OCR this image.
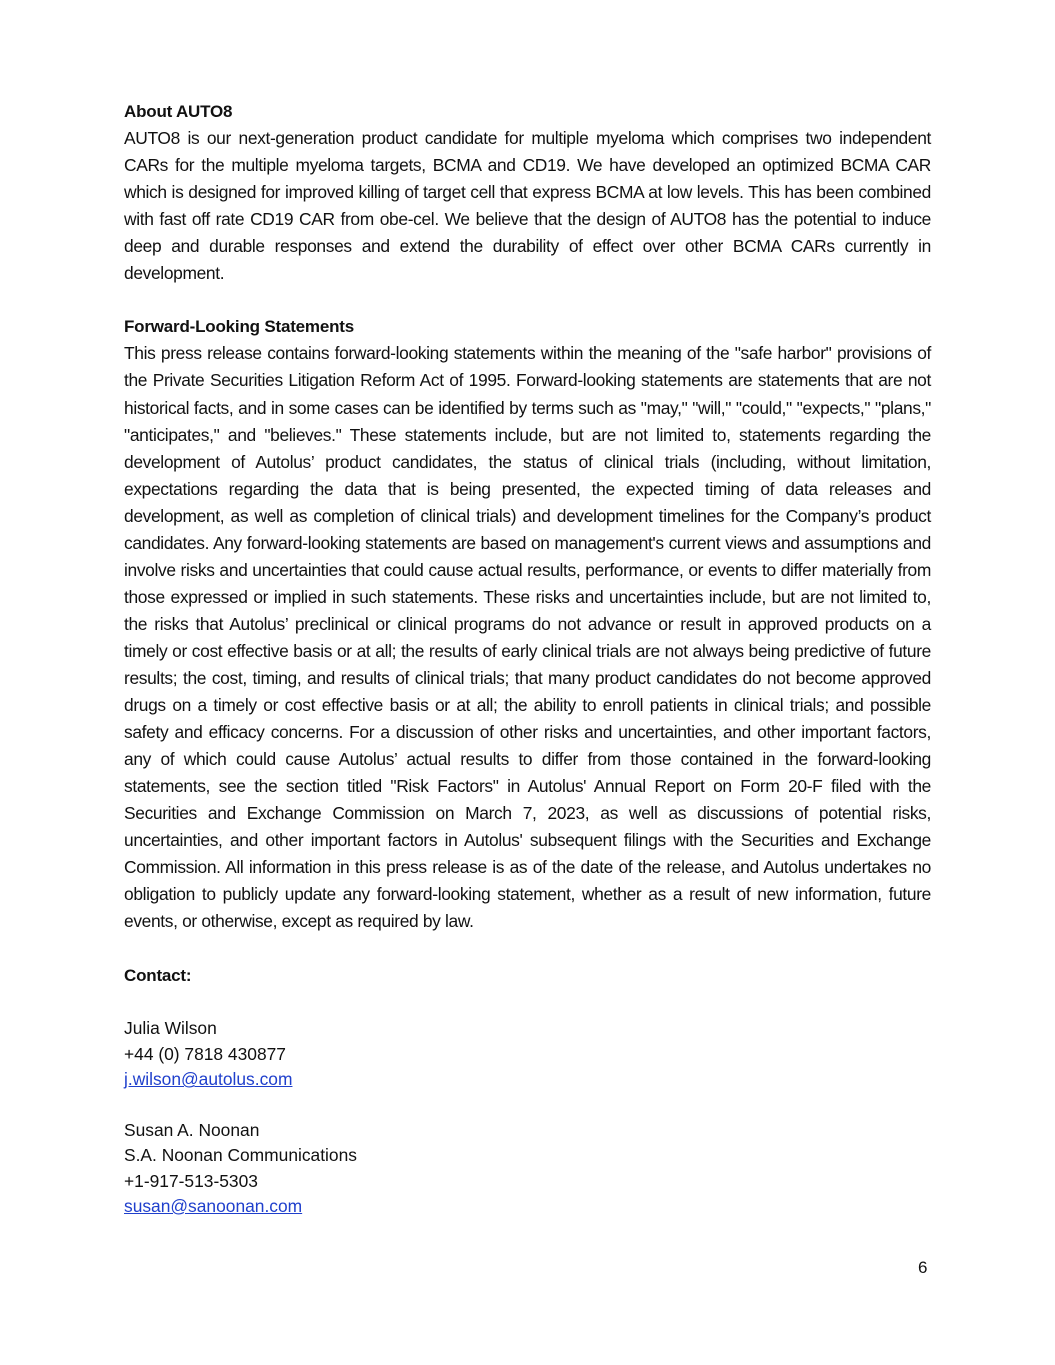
About AUTO8

AUTO8 is our next-generation product candidate for multiple myeloma which comprises two independent CARs for the multiple myeloma targets, BCMA and CD19. We have developed an optimized BCMA CAR which is designed for improved killing of target cell that express BCMA at low levels. This has been combined with fast off rate CD19 CAR from obe-cel. We believe that the design of AUTO8 has the potential to induce deep and durable responses and extend the durability of effect over other BCMA CARs currently in development.

Forward-Looking Statements

This press release contains forward-looking statements within the meaning of the "safe harbor" provisions of the Private Securities Litigation Reform Act of 1995. Forward-looking statements are statements that are not historical facts, and in some cases can be identified by terms such as "may," "will," "could," "expects," "plans," "anticipates," and "believes." These statements include, but are not limited to, statements regarding the development of Autolus’ product candidates, the status of clinical trials (including, without limitation, expectations regarding the data that is being presented, the expected timing of data releases and development, as well as completion of clinical trials) and development timelines for the Company’s product candidates. Any forward-looking statements are based on management's current views and assumptions and involve risks and uncertainties that could cause actual results, performance, or events to differ materially from those expressed or implied in such statements. These risks and uncertainties include, but are not limited to, the risks that Autolus’ preclinical or clinical programs do not advance or result in approved products on a timely or cost effective basis or at all; the results of early clinical trials are not always being predictive of future results; the cost, timing, and results of clinical trials; that many product candidates do not become approved drugs on a timely or cost effective basis or at all; the ability to enroll patients in clinical trials; and possible safety and efficacy concerns. For a discussion of other risks and uncertainties, and other important factors, any of which could cause Autolus’ actual results to differ from those contained in the forward-looking statements, see the section titled "Risk Factors" in Autolus' Annual Report on Form 20-F filed with the Securities and Exchange Commission on March 7, 2023, as well as discussions of potential risks, uncertainties, and other important factors in Autolus' subsequent filings with the Securities and Exchange Commission. All information in this press release is as of the date of the release, and Autolus undertakes no obligation to publicly update any forward-looking statement, whether as a result of new information, future events, or otherwise, except as required by law.

Contact:

Julia Wilson

+44 (0) 7818 430877

j.wilson@autolus.com

Susan A. Noonan

S.A. Noonan Communications

+1-917-513-5303

susan@sanoonan.com

6
